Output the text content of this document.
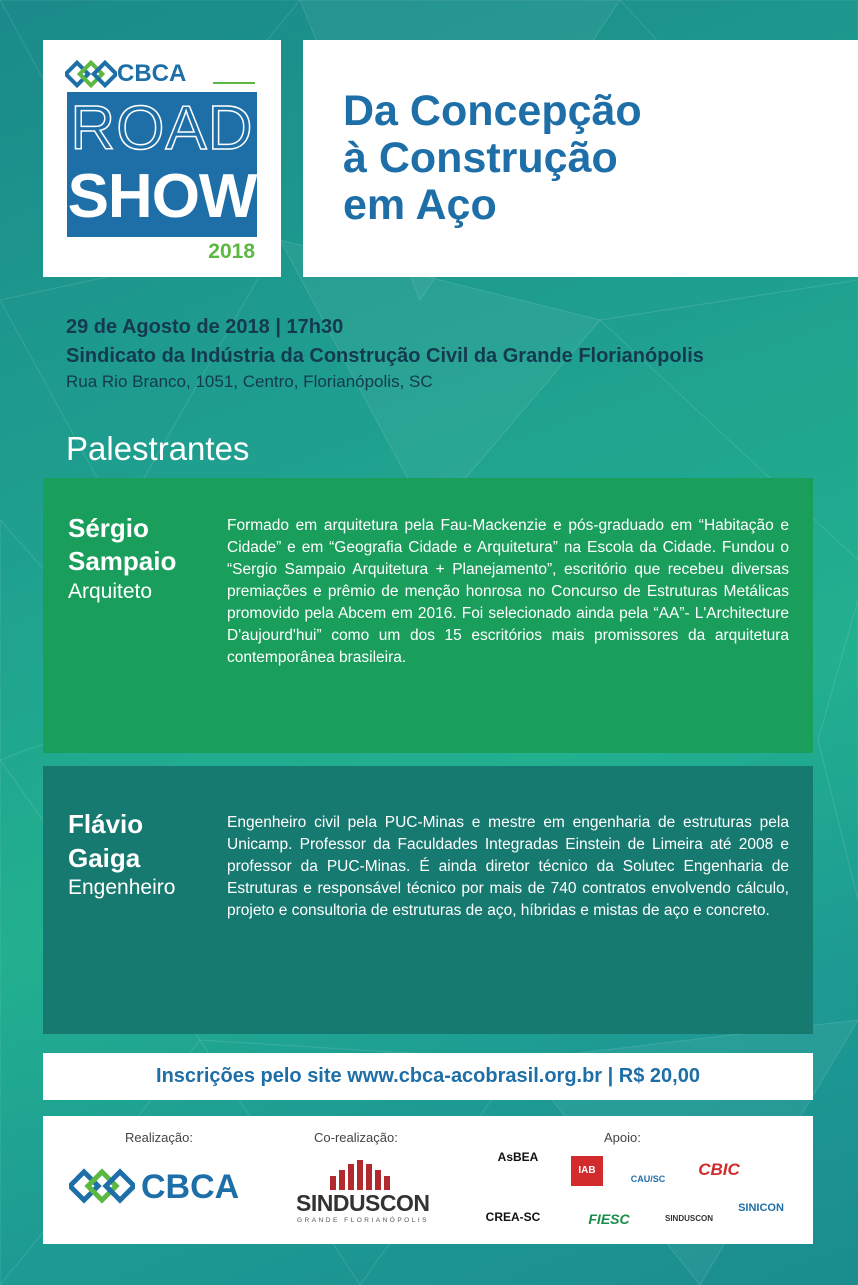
CBCA
ROAD
SHOW
2018
Da Concepção
à Construção
em Aço
29 de Agosto de 2018 | 17h30
Sindicato da Indústria da Construção Civil da Grande Florianópolis
Rua Rio Branco, 1051, Centro, Florianópolis, SC
Palestrantes
Sérgio
Sampaio
Arquiteto
Formado em arquitetura pela Fau-Mackenzie e pós-graduado em “Habitação e Cidade” e em “Geografia Cidade e Arquitetura” na Escola da Cidade. Fundou o “Sergio Sampaio Arquitetura + Planejamento”, escritório que recebeu diversas premiações e prêmio de menção honrosa no Concurso de Estruturas Metálicas promovido pela Abcem em 2016. Foi selecionado ainda pela “AA”- L'Architecture D'aujourd'hui” como um dos 15 escritórios mais promissores da arquitetura contemporânea brasileira.
Flávio
Gaiga
Engenheiro
Engenheiro civil pela PUC-Minas e mestre em engenharia de estruturas pela Unicamp. Professor da Faculdades Integradas Einstein de Limeira até 2008 e professor da PUC-Minas. É ainda diretor técnico da Solutec Engenharia de Estruturas e responsável técnico por mais de 740 contratos envolvendo cálculo, projeto e consultoria de estruturas de aço, híbridas e mistas de aço e concreto.
Inscrições pelo site www.cbca-acobrasil.org.br | R$ 20,00
Realização:	Co-realização:	Apoio:
CBCA SINDUSCON
GRANDE FLORIANÓPOLIS
AsBEA
IAB SC
CAU/SC	CBIC
CREA-SC	FIESC	SINDUSCON
SINICON
